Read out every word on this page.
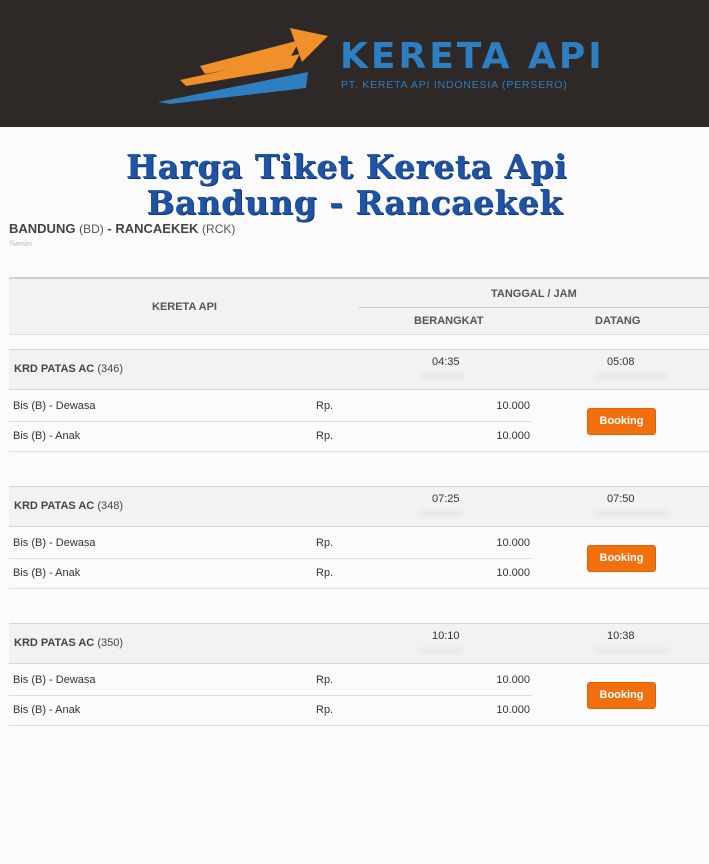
KERETA API
PT. KERETA API INDONESIA (PERSERO)
Harga Tiket Kereta Api
Bandung - Rancaekek
BANDUNG (BD) - RANCAEKEK (RCK)
Senin
KERETA API
TANGGAL / JAM
BERANGKAT	DATANG
KRD PATAS AC (346)
04:35	05:08
Bis (B) - Dewasa	Rp.	10.000
Bis (B) - Anak	Rp.	10.000
Booking
KRD PATAS AC (348)
07:25	07:50
Bis (B) - Dewasa	Rp.	10.000
Bis (B) - Anak	Rp.	10.000
Booking
KRD PATAS AC (350)
10:10	10:38
Bis (B) - Dewasa	Rp.	10.000
Bis (B) - Anak	Rp.	10.000
Booking
